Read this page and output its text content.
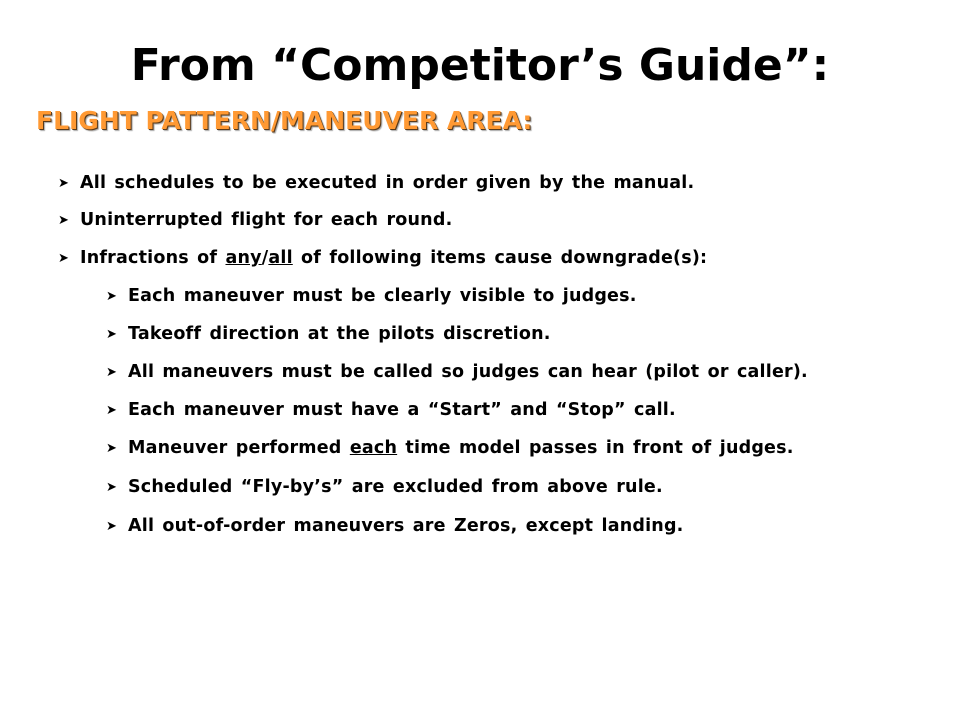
From “Competitor’s Guide”:
FLIGHT PATTERN/MANEUVER AREA:
➤ All schedules to be executed in order given by the manual.
➤ Uninterrupted flight for each round.
➤ Infractions of any/all of following items cause downgrade(s):
➤ Each maneuver must be clearly visible to judges.
➤ Takeoff direction at the pilots discretion.
➤ All maneuvers must be called so judges can hear (pilot or caller).
➤ Each maneuver must have a “Start” and “Stop” call.
➤ Maneuver performed each time model passes in front of judges.
➤ Scheduled “Fly-by’s” are excluded from above rule.
➤ All out-of-order maneuvers are Zeros, except landing.
